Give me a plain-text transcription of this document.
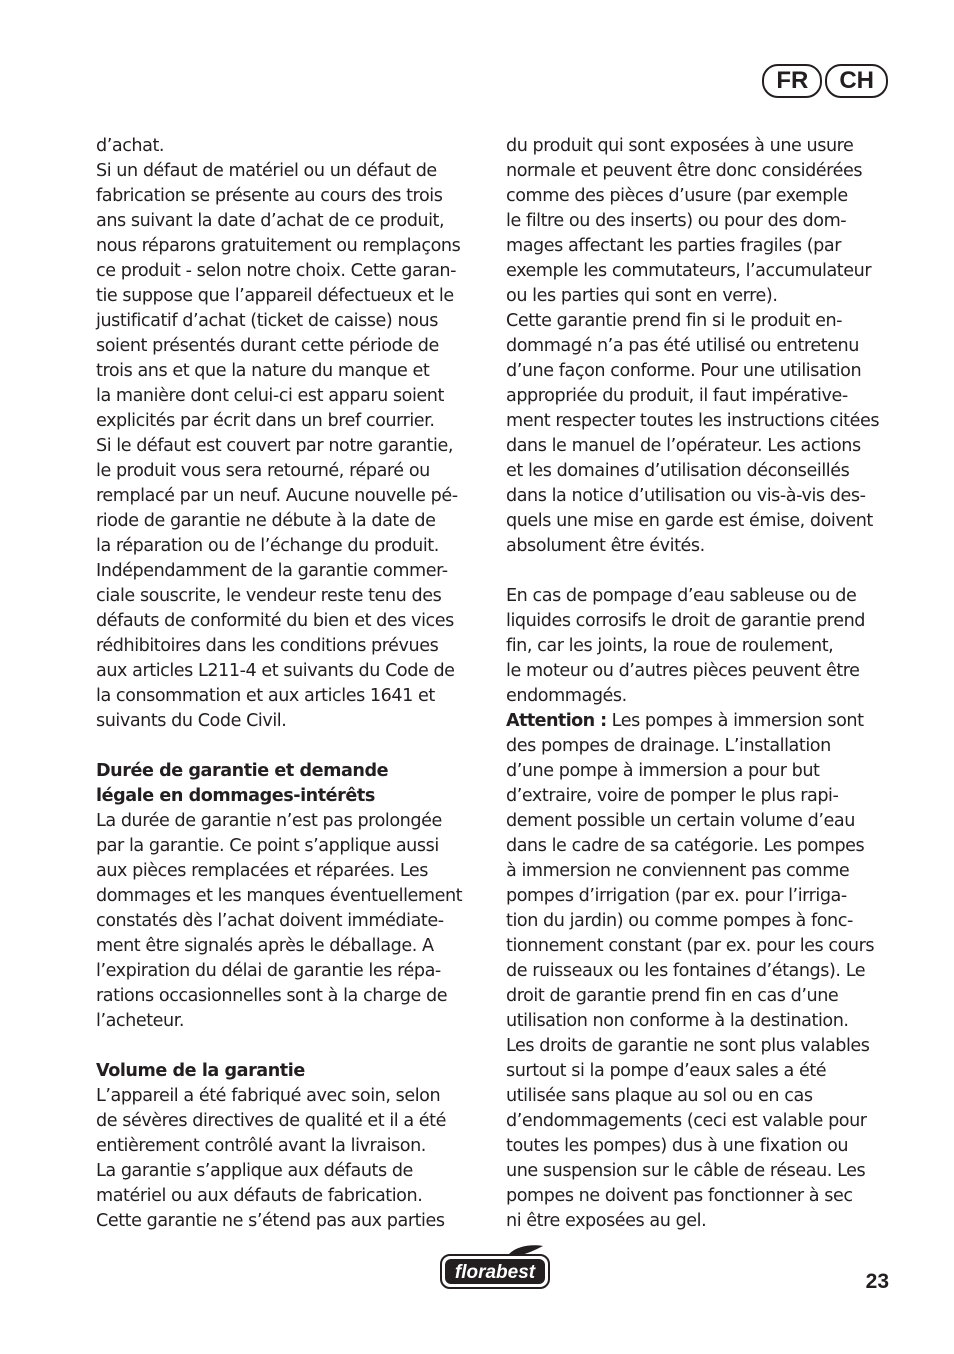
FR	CH

d’achat.

Si un défaut de matériel ou un défaut de

fabrication se présente au cours des trois

ans suivant la date d’achat de ce produit,

nous réparons gratuitement ou remplaçons

ce produit - selon notre choix. Cette garan-

tie suppose que l’appareil défectueux et le

justificatif d’achat (ticket de caisse) nous

soient présentés durant cette période de

trois ans et que la nature du manque et

la manière dont celui-ci est apparu soient

explicités par écrit dans un bref courrier.

Si le défaut est couvert par notre garantie,

le produit vous sera retourné, réparé ou

remplacé par un neuf. Aucune nouvelle pé-

riode de garantie ne débute à la date de

la réparation ou de l’échange du produit.

Indépendamment de la garantie commer-

ciale souscrite, le vendeur reste tenu des

défauts de conformité du bien et des vices

rédhibitoires dans les conditions prévues

aux articles L211-4 et suivants du Code de

la consommation et aux articles 1641 et

suivants du Code Civil.

Durée de garantie et demande

légale en dommages-intérêts

La durée de garantie n’est pas prolongée

par la garantie. Ce point s’applique aussi

aux pièces remplacées et réparées. Les

dommages et les manques éventuellement

constatés dès l’achat doivent immédiate-

ment être signalés après le déballage. A

l’expiration du délai de garantie les répa-

rations occasionnelles sont à la charge de

l’acheteur.

Volume de la garantie

L’appareil a été fabriqué avec soin, selon

de sévères directives de qualité et il a été

entièrement contrôlé avant la livraison.

La garantie s’applique aux défauts de

matériel ou aux défauts de fabrication.

Cette garantie ne s’étend pas aux parties

du produit qui sont exposées à une usure

normale et peuvent être donc considérées

comme des pièces d’usure (par exemple

le filtre ou des inserts) ou pour des dom-

mages affectant les parties fragiles (par

exemple les commutateurs, l’accumulateur

ou les parties qui sont en verre).

Cette garantie prend fin si le produit en-

dommagé n’a pas été utilisé ou entretenu

d’une façon conforme. Pour une utilisation

appropriée du produit, il faut impérative-

ment respecter toutes les instructions citées

dans le manuel de l’opérateur. Les actions

et les domaines d’utilisation déconseillés

dans la notice d’utilisation ou vis-à-vis des-

quels une mise en garde est émise, doivent

absolument être évités.

En cas de pompage d’eau sableuse ou de

liquides corrosifs le droit de garantie prend

fin, car les joints, la roue de roulement,

le moteur ou d’autres pièces peuvent être

endommagés.

Attention : Les pompes à immersion sont

des pompes de drainage. L’installation

d’une pompe à immersion a pour but

d’extraire, voire de pomper le plus rapi-

dement possible un certain volume d’eau

dans le cadre de sa catégorie. Les pompes

à immersion ne conviennent pas comme

pompes d’irrigation (par ex. pour l’irriga-

tion du jardin) ou comme pompes à fonc-

tionnement constant (par ex. pour les cours

de ruisseaux ou les fontaines d’étangs). Le

droit de garantie prend fin en cas d’une

utilisation non conforme à la destination.

Les droits de garantie ne sont plus valables

surtout si la pompe d’eaux sales a été

utilisée sans plaque au sol ou en cas

d’endommagements (ceci est valable pour

toutes les pompes) dus à une fixation ou

une suspension sur le câble de réseau. Les

pompes ne doivent pas fonctionner à sec

ni être exposées au gel.

florabest	23
